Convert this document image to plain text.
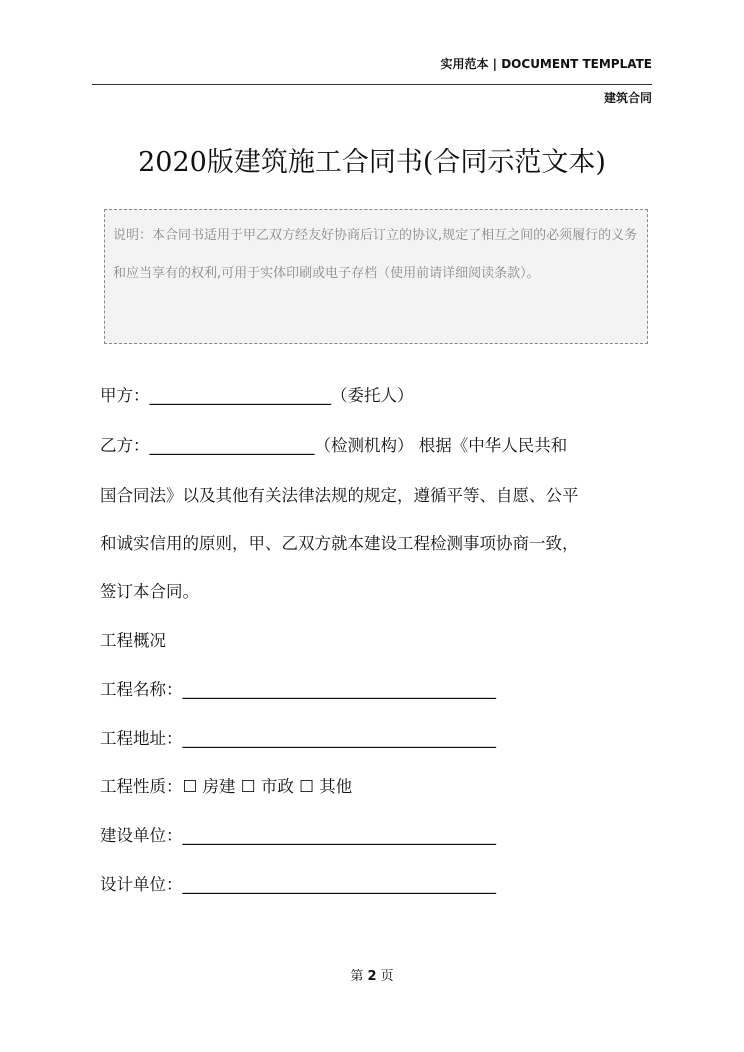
实用范本 | DOCUMENT TEMPLATE
建筑合同
2020版建筑施工合同书(合同示范文本)
说明：本合同书适用于甲乙双方经友好协商后订立的协议,规定了相互之间的必须履行的义务和应当享有的权利,可用于实体印刷或电子存档（使用前请详细阅读条款）。
甲方：______________________（委托人）
乙方：____________________（检测机构） 根据《中华人民共和
国合同法》以及其他有关法律法规的规定，遵循平等、自愿、公平
和诚实信用的原则，甲、乙双方就本建设工程检测事项协商一致，
签订本合同。
工程概况
工程名称：______________________________________
工程地址：______________________________________
工程性质：☐ 房建 ☐ 市政 ☐ 其他
建设单位：______________________________________
设计单位：______________________________________
第 2 页
